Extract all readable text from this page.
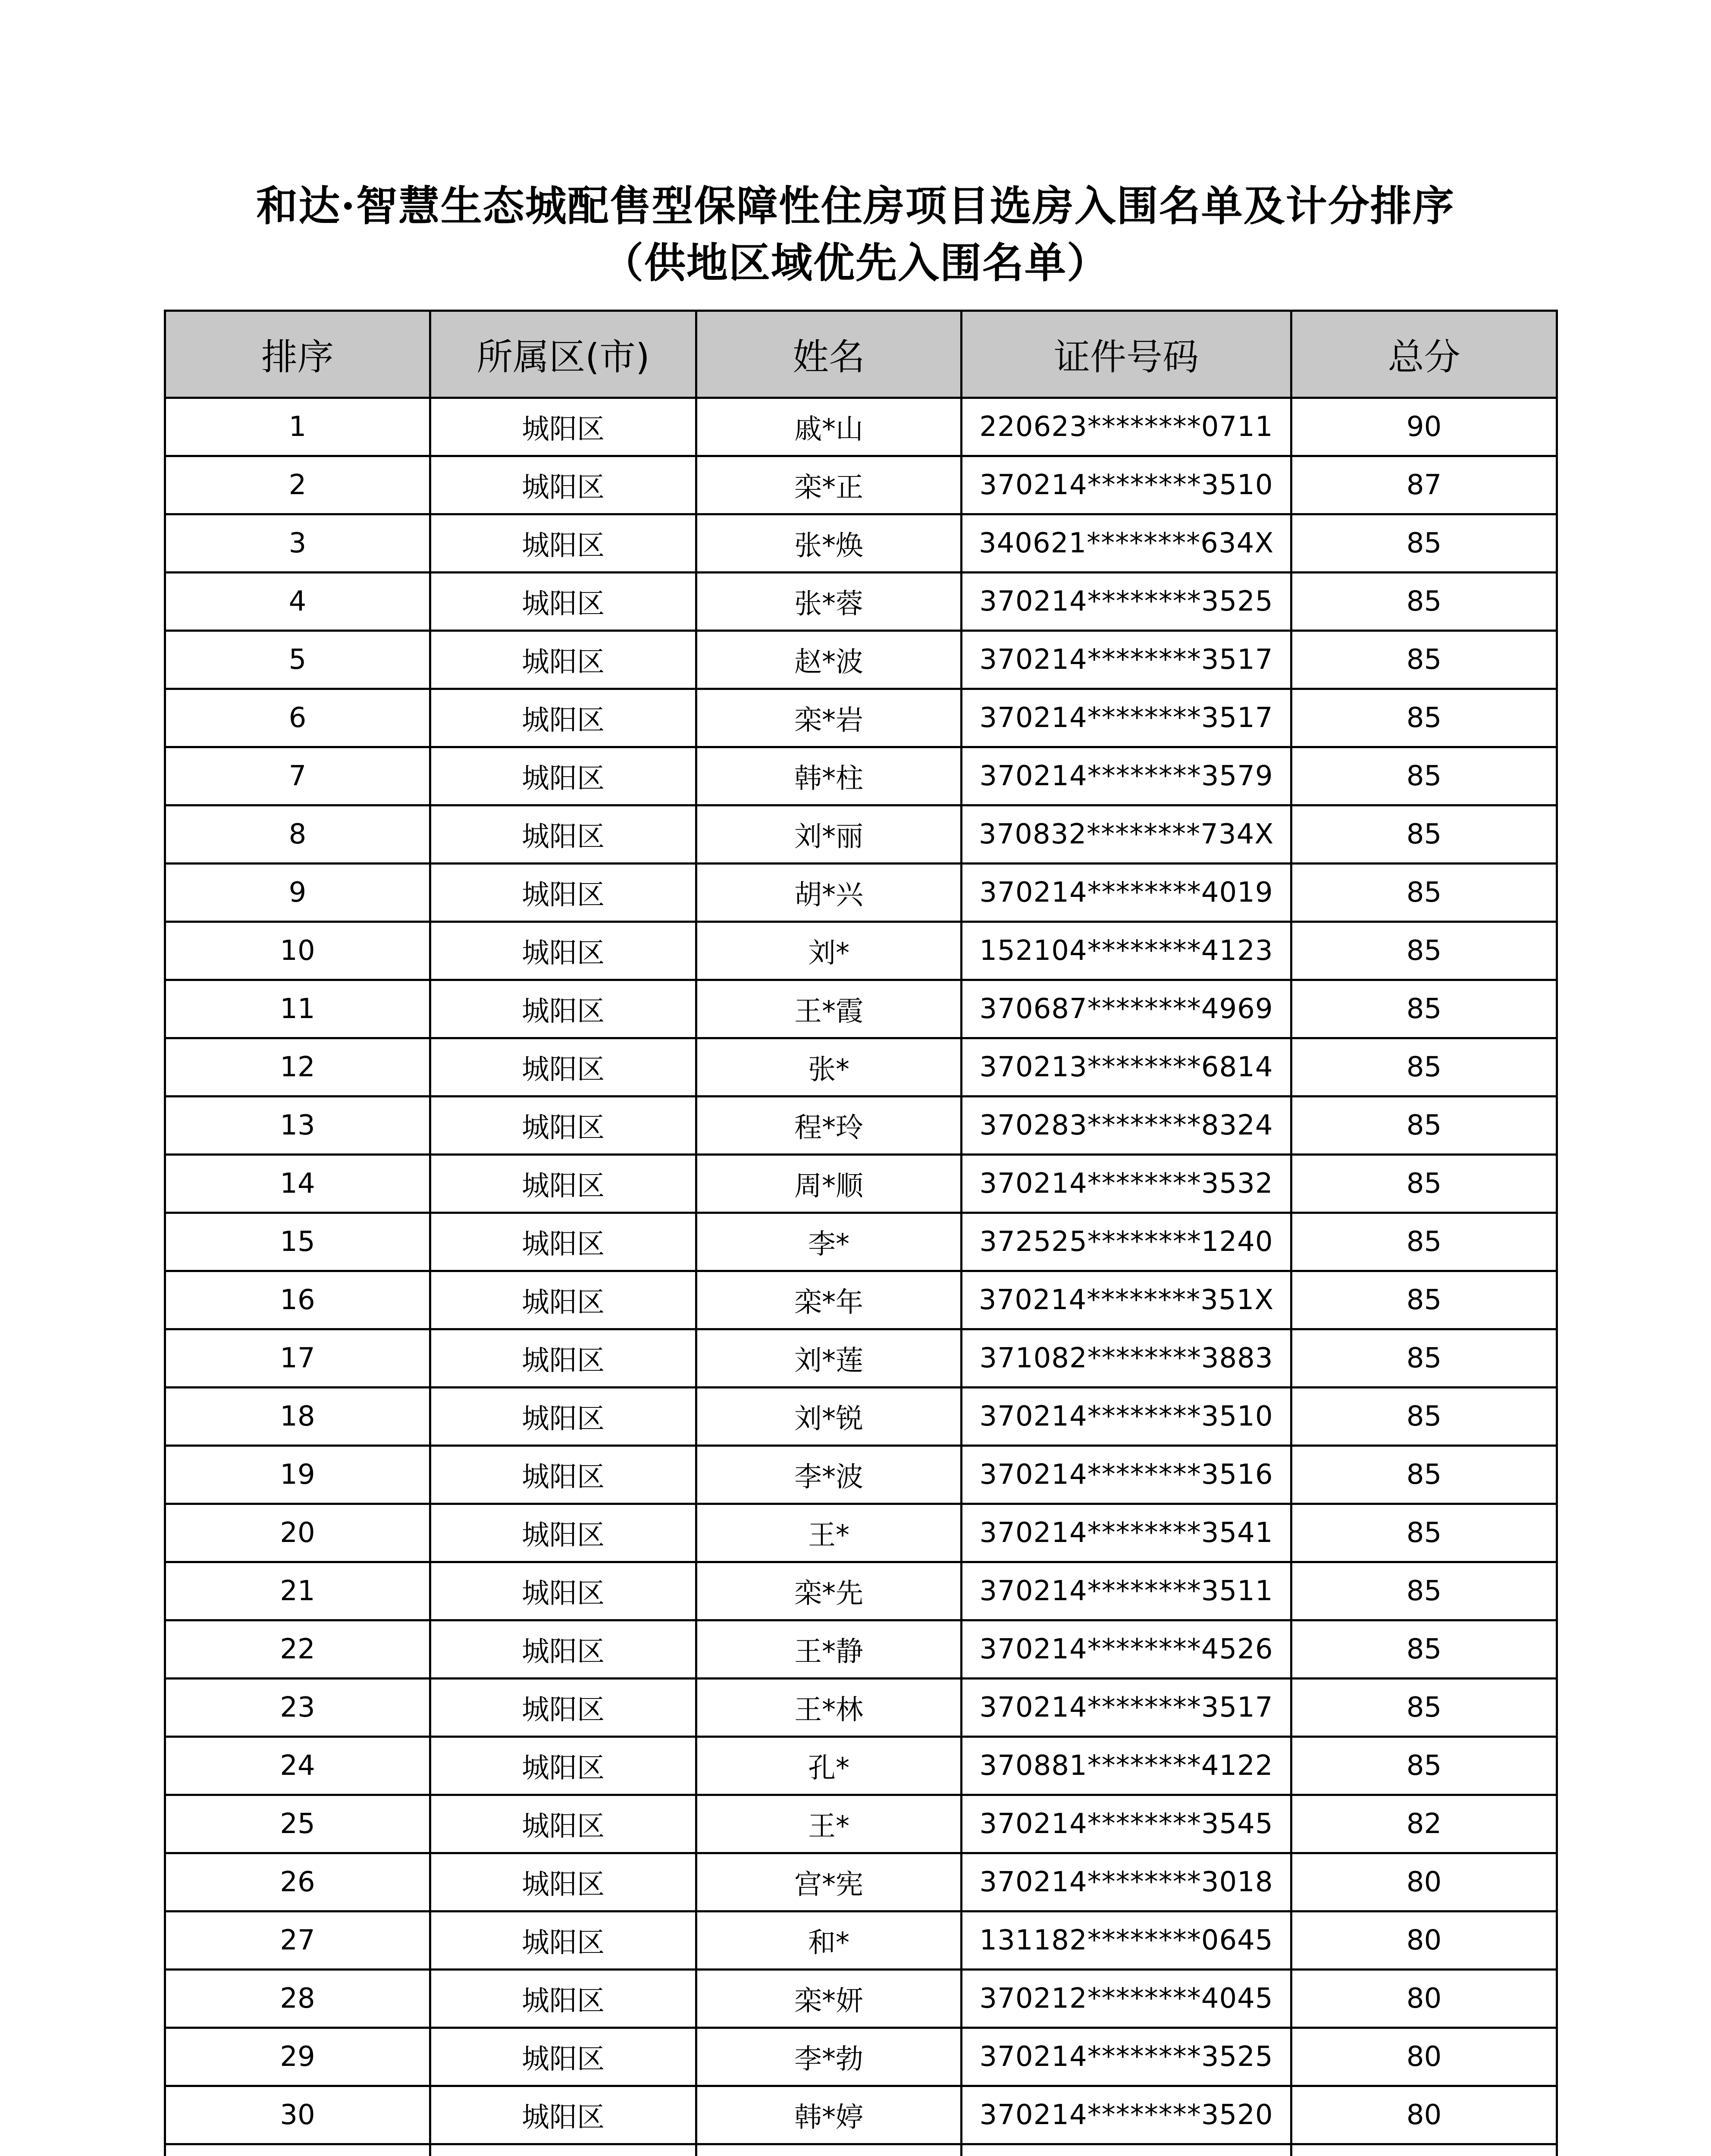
和达·智慧生态城配售型保障性住房项目选房入围名单及计分排序
（供地区域优先入围名单）
排序	所属区(市)	姓名	证件号码	总分
1	城阳区	戚*山	220623********0711	90
2	城阳区	栾*正	370214********3510	87
3	城阳区	张*焕	340621********634X	85
4	城阳区	张*蓉	370214********3525	85
5	城阳区	赵*波	370214********3517	85
6	城阳区	栾*岩	370214********3517	85
7	城阳区	韩*柱	370214********3579	85
8	城阳区	刘*丽	370832********734X	85
9	城阳区	胡*兴	370214********4019	85
10	城阳区	刘*	152104********4123	85
11	城阳区	王*霞	370687********4969	85
12	城阳区	张*	370213********6814	85
13	城阳区	程*玲	370283********8324	85
14	城阳区	周*顺	370214********3532	85
15	城阳区	李*	372525********1240	85
16	城阳区	栾*年	370214********351X	85
17	城阳区	刘*莲	371082********3883	85
18	城阳区	刘*锐	370214********3510	85
19	城阳区	李*波	370214********3516	85
20	城阳区	王*	370214********3541	85
21	城阳区	栾*先	370214********3511	85
22	城阳区	王*静	370214********4526	85
23	城阳区	王*林	370214********3517	85
24	城阳区	孔*	370881********4122	85
25	城阳区	王*	370214********3545	82
26	城阳区	宫*宪	370214********3018	80
27	城阳区	和*	131182********0645	80
28	城阳区	栾*妍	370212********4045	80
29	城阳区	李*勃	370214********3525	80
30	城阳区	韩*婷	370214********3520	80
